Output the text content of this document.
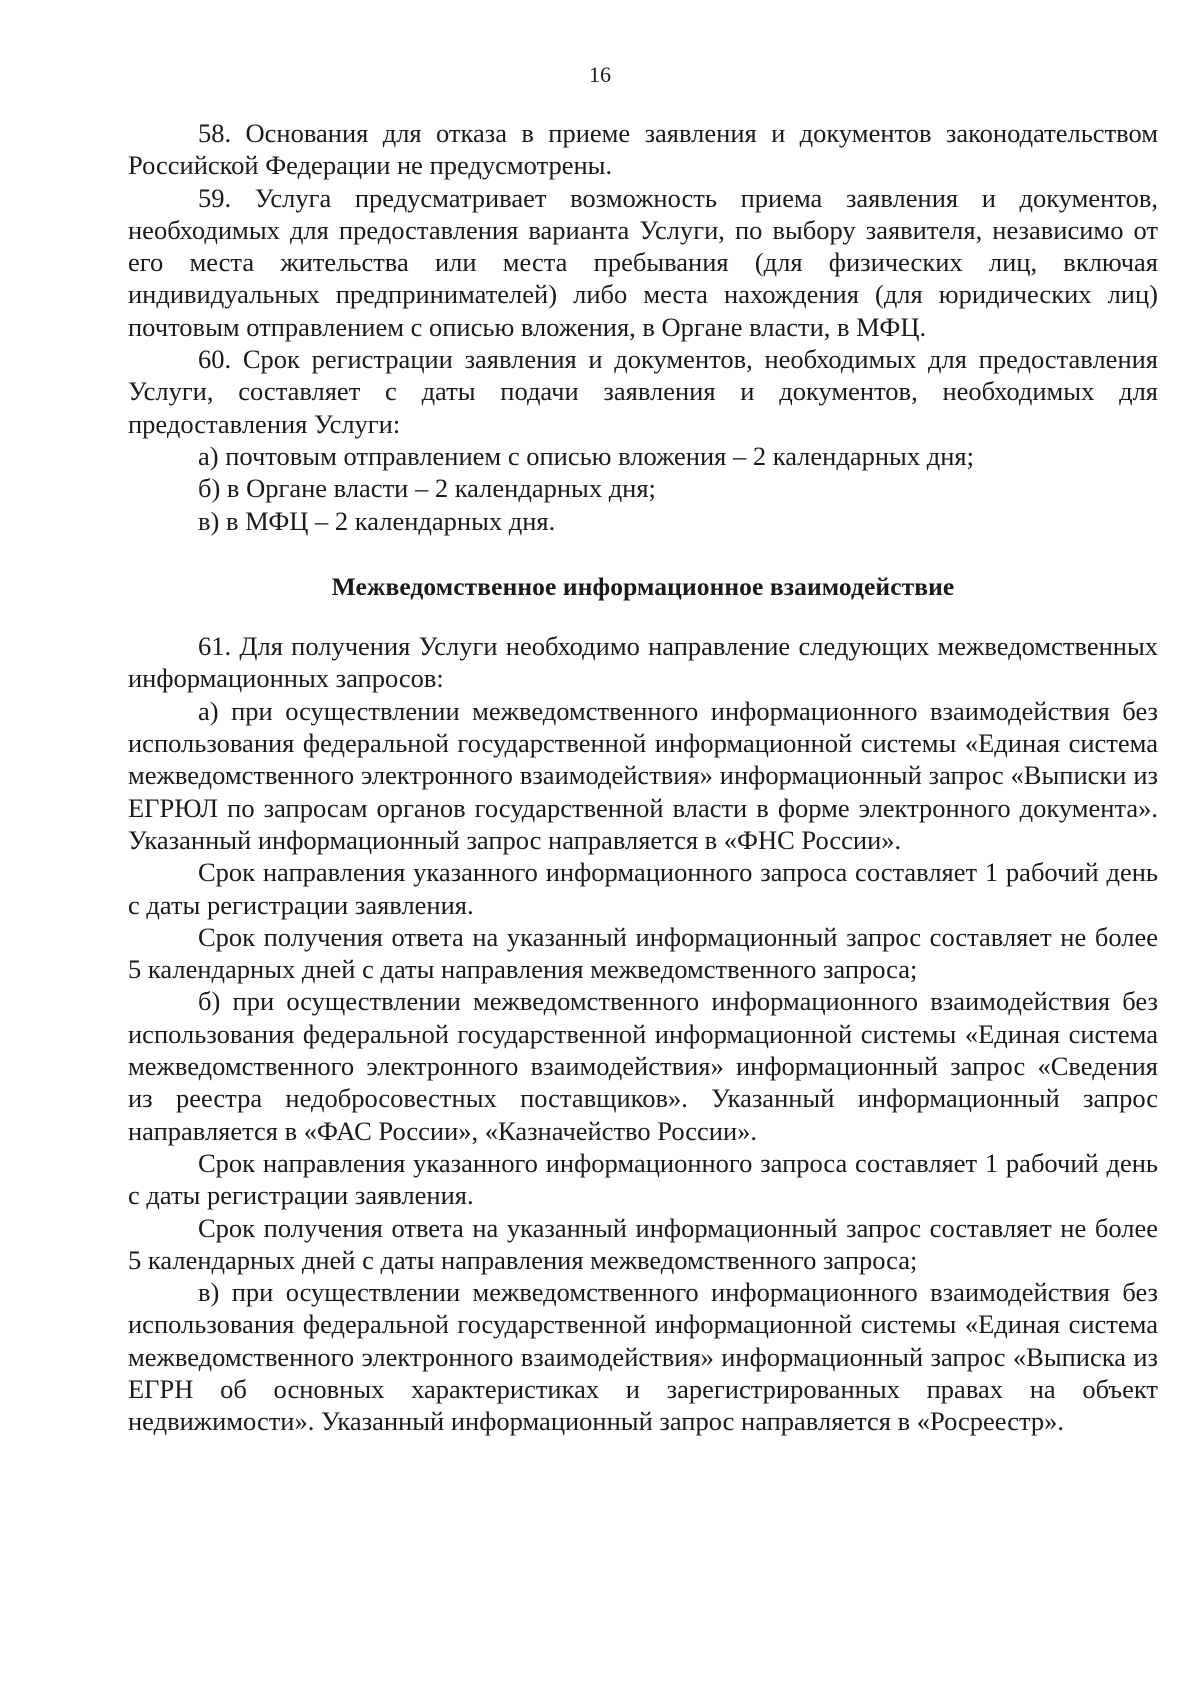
16

58. Основания для отказа в приеме заявления и документов законодательством Российской Федерации не предусмотрены.

59. Услуга предусматривает возможность приема заявления и документов, необходимых для предоставления варианта Услуги, по выбору заявителя, независимо от его места жительства или места пребывания (для физических лиц, включая индивидуальных предпринимателей) либо места нахождения (для юридических лиц) почтовым отправлением с описью вложения, в Органе власти, в МФЦ.

60. Срок регистрации заявления и документов, необходимых для предоставления Услуги, составляет с даты подачи заявления и документов, необходимых для предоставления Услуги:

а) почтовым отправлением с описью вложения – 2 календарных дня;

б) в Органе власти – 2 календарных дня;

в) в МФЦ – 2 календарных дня.

Межведомственное информационное взаимодействие

61. Для получения Услуги необходимо направление следующих межведомственных информационных запросов:

а) при осуществлении межведомственного информационного взаимодействия без использования федеральной государственной информационной системы «Единая система межведомственного электронного взаимодействия» информационный запрос «Выписки из ЕГРЮЛ по запросам органов государственной власти в форме электронного документа». Указанный информационный запрос направляется в «ФНС России».

Срок направления указанного информационного запроса составляет 1 рабочий день с даты регистрации заявления.

Срок получения ответа на указанный информационный запрос составляет не более 5 календарных дней с даты направления межведомственного запроса;

б) при осуществлении межведомственного информационного взаимодействия без использования федеральной государственной информационной системы «Единая система межведомственного электронного взаимодействия» информационный запрос «Сведения из реестра недобросовестных поставщиков». Указанный информационный запрос направляется в «ФАС России», «Казначейство России».

Срок направления указанного информационного запроса составляет 1 рабочий день с даты регистрации заявления.

Срок получения ответа на указанный информационный запрос составляет не более 5 календарных дней с даты направления межведомственного запроса;

в) при осуществлении межведомственного информационного взаимодействия без использования федеральной государственной информационной системы «Единая система межведомственного электронного взаимодействия» информационный запрос «Выписка из ЕГРН об основных характеристиках и зарегистрированных правах на объект недвижимости». Указанный информационный запрос направляется в «Росреестр».
